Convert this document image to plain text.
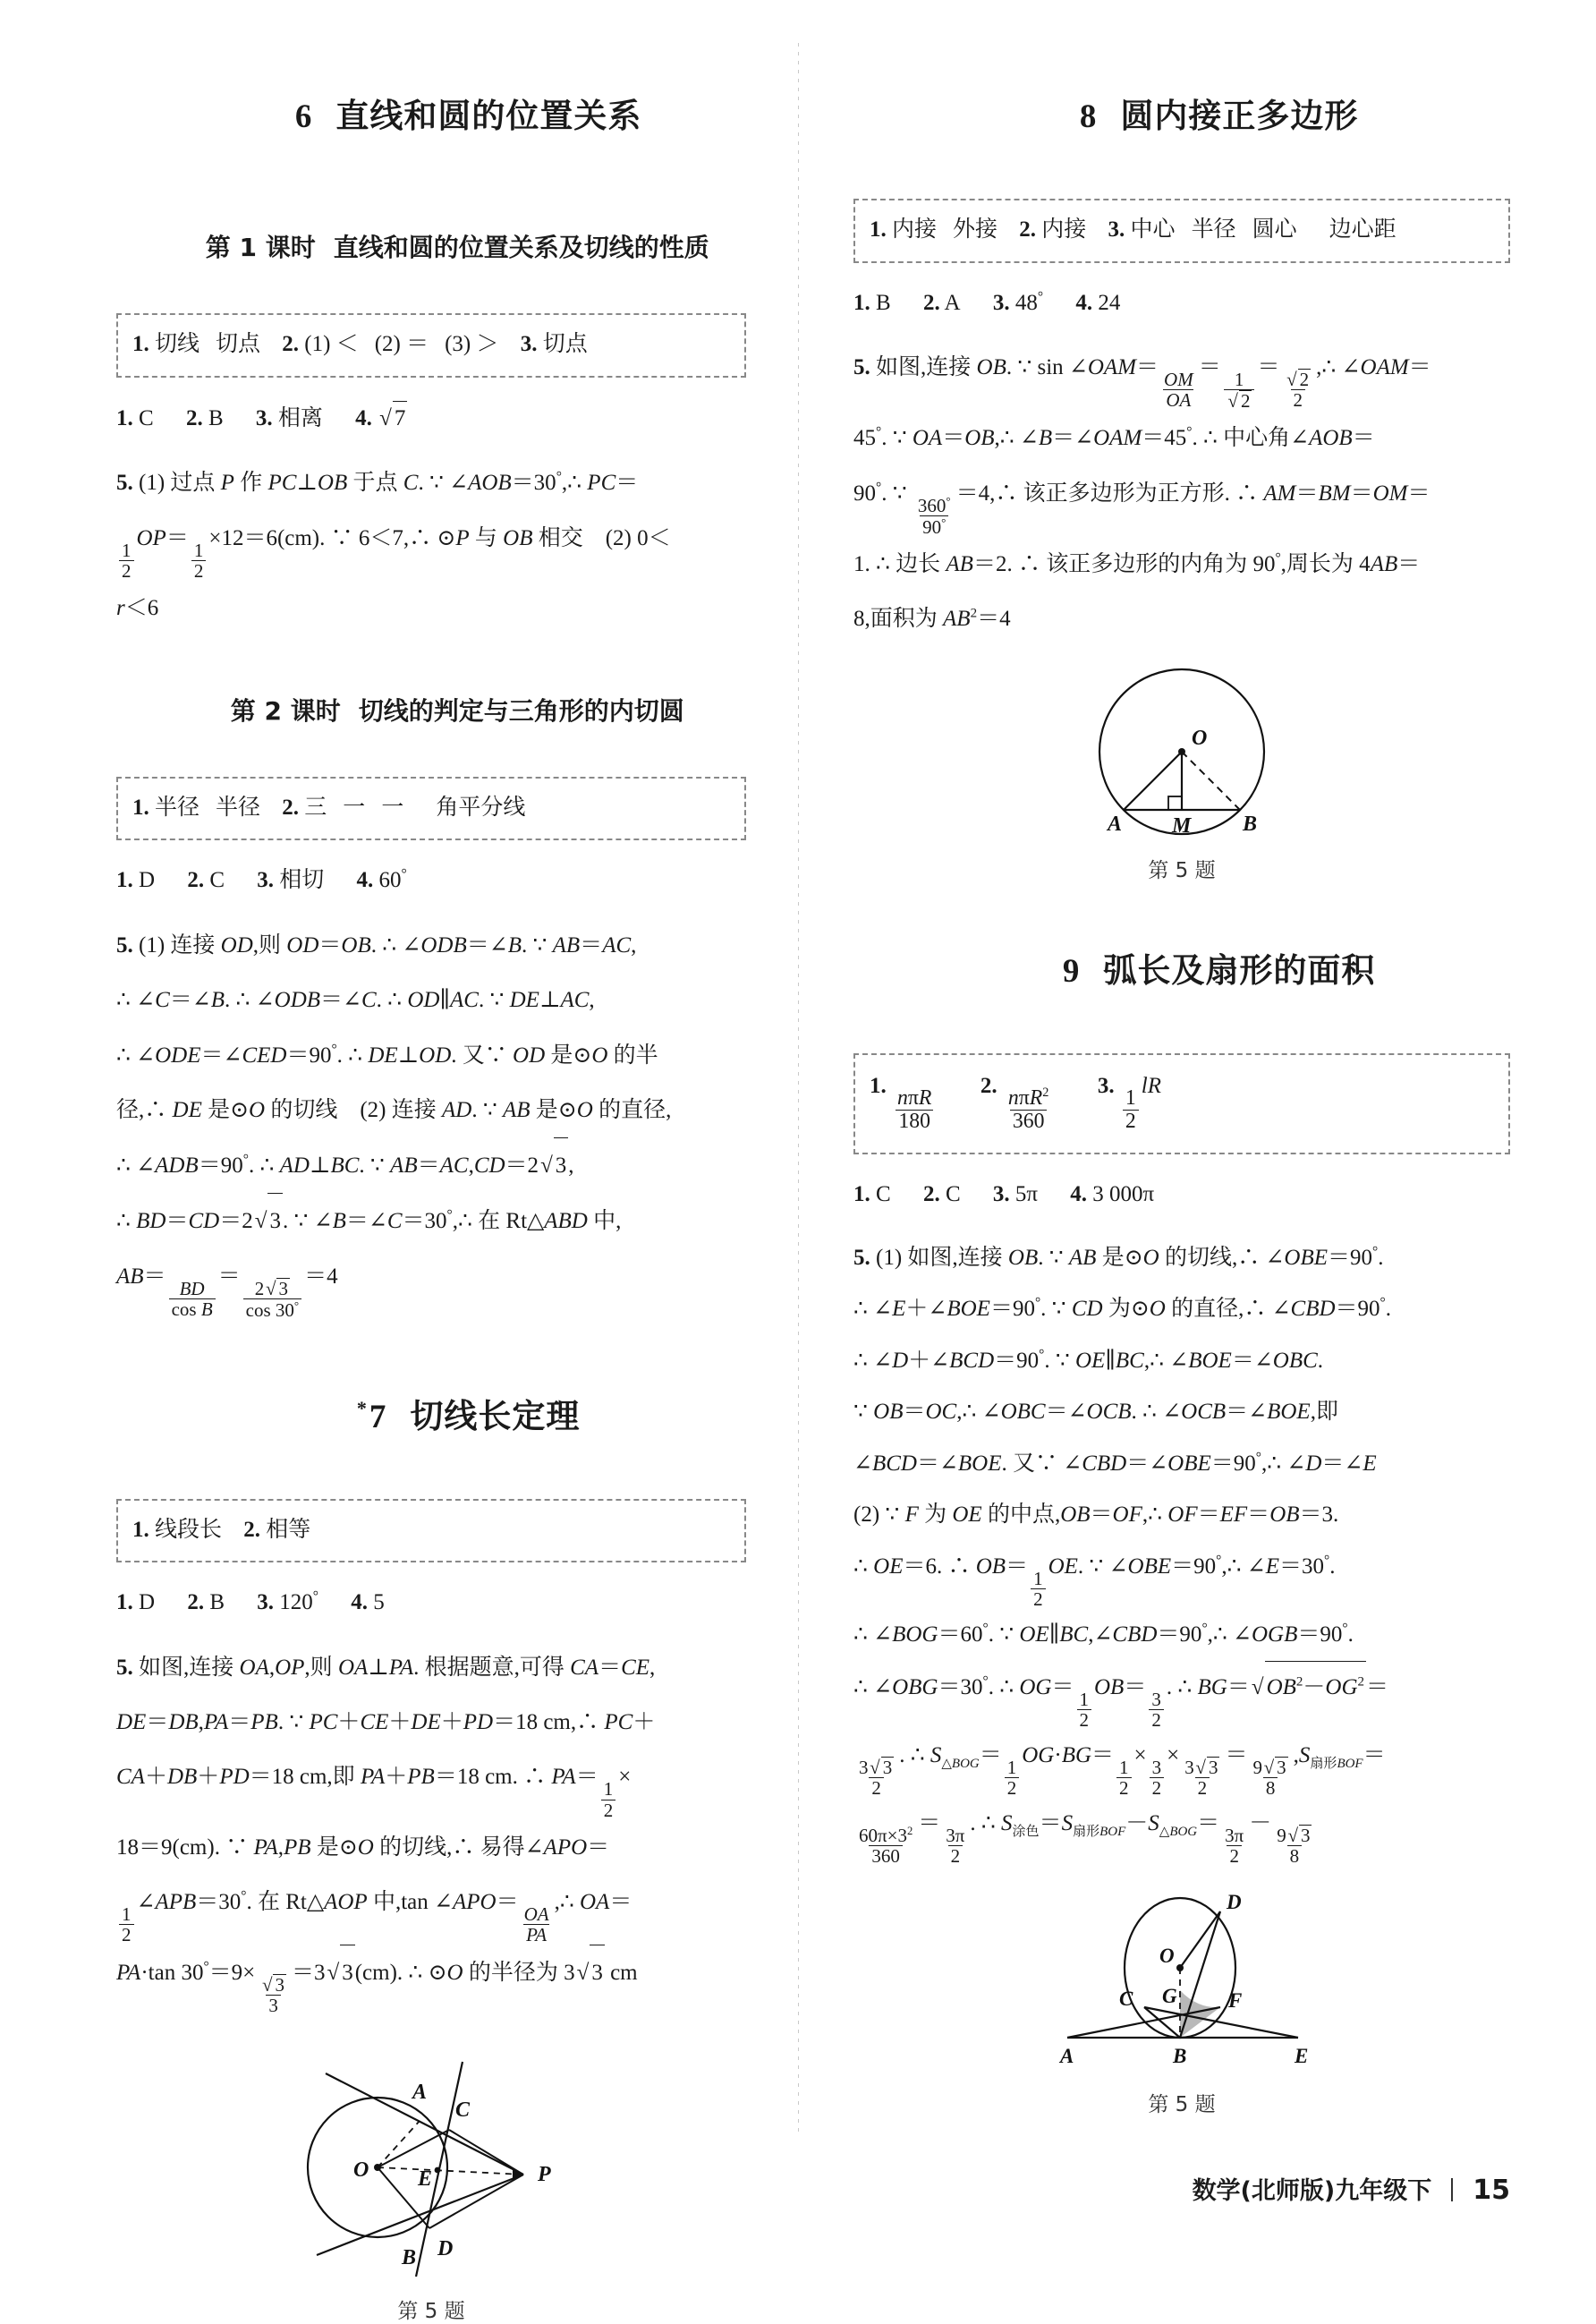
6 直线和圆的位置关系

第 1 课时 直线和圆的位置关系及切线的性质

1. 切线 切点 2. (1) ＜ (2) ＝ (3) ＞ 3. 切点
1. C 2. B 3. 相离 4. √ 7
5. (1) 过点 P 作 PC⊥OB 于点 C. ∵ ∠AOB＝30°,∴ PC＝

$\frac{1}{2}$
OP＝
$\frac{1}{2}$
×12＝6(cm). ∵ 6＜7,∴ ⊙P 与 OB 相交　(2) 0＜
r＜6

第 2 课时 切线的判定与三角形的内切圆

1. 半径 半径 2. 三 一 一 角平分线
1. D 2. C 3. 相切 4. 60°
5. (1) 连接 OD,则 OD＝OB. ∴ ∠ODB＝∠B. ∵ AB＝AC,
∴ ∠C＝∠B. ∴ ∠ODB＝∠C. ∴ OD∥AC. ∵ DE⊥AC,
∴ ∠ODE＝∠CED＝90°. ∴ DE⊥OD. 又∵ OD 是⊙O 的半
径,∴ DE 是⊙O 的切线　(2) 连接 AD. ∵ AB 是⊙O 的直径,
∴ ∠ADB＝90°. ∴ AD⊥BC. ∵ AB＝AC,CD＝2√ 3,
∴ BD＝CD＝2√ 3. ∵ ∠B＝∠C＝30°,∴ 在 Rt△ABD 中,
AB＝
$\frac{BD}{\text{cos B}}$
＝
$\frac{2√ 3}{\cos 30^\circ}$
＝4

*7 切线长定理

1. 线段长 2. 相等
1. D 2. B 3. 120° 4. 5
5. 如图,连接 OA,OP,则 OA⊥PA. 根据题意,可得 CA＝CE,
DE＝DB,PA＝PB. ∵ PC＋CE＋DE＋PD＝18 cm,∴ PC＋
CA＋DB＋PD＝18 cm,即 PA＋PB＝18 cm. ∴ PA＝
$\frac{1}{2}$
×
18＝9(cm). ∵ PA,PB 是⊙O 的切线,∴ 易得∠APO＝

$\frac{1}{2}$
∠APB＝30°. 在 Rt△AOP 中,tan ∠APO＝
$\frac{OA}{PA}$
,∴ OA＝
PA·tan 30°＝9×
$\frac{√ 3}{3}$
＝3√ 3(cm). ∴ ⊙O 的半径为 3√ 3 cm
O
A
C
E	P
B D
第 5 题

8 圆内接正多边形

1. 内接 外接 2. 内接 3. 中心 半径 圆心 边心距
1. B 2. A 3. 48° 4. 24
5. 如图,连接 OB. ∵ sin ∠OAM＝
$\frac{OM}{OA}$
＝
$\frac{1}{√ 2}$
＝
$\frac{√ 2}{2}$
,∴ ∠OAM＝
45°. ∵ OA＝OB,∴ ∠B＝∠OAM＝45°. ∴ 中心角∠AOB＝
90°. ∵
$\frac{360^\circ}{90^\circ}$
＝4,∴ 该正多边形为正方形. ∴ AM＝BM＝OM＝
1. ∴ 边长 AB＝2. ∴ 该正多边形的内角为 90°,周长为 4AB＝
8,面积为 $AB^2=4$
O
A M B
第 5 题

9 弧长及扇形的面积

1.
$\frac{\text{nπR}}{180}$
2.
$\frac{n\pi R^2}{360}$
3.
$\frac{1}{2}$
lR
1. C 2. C 3. 5π 4. 3 000π
5. (1) 如图,连接 OB. ∵ AB 是⊙O 的切线,∴ ∠OBE＝90°.
∴ ∠E＋∠BOE＝90°. ∵ CD 为⊙O 的直径,∴ ∠CBD＝90°.
∴ ∠D＋∠BCD＝90°. ∵ OE∥BC,∴ ∠BOE＝∠OBC.
∵ OB＝OC,∴ ∠OBC＝∠OCB. ∴ ∠OCB＝∠BOE,即
∠BCD＝∠BOE. 又∵ ∠CBD＝∠OBE＝90°,∴ ∠D＝∠E
(2) ∵ F 为 OE 的中点,OB＝OF,∴ OF＝EF＝OB＝3.
∴ OE＝6. ∴ OB＝
$\frac{1}{2}$
OE. ∵ ∠OBE＝90°,∴ ∠E＝30°.
∴ ∠BOG＝60°. ∵ OE∥BC,∠CBD＝90°,∴ ∠OGB＝90°.
∴ ∠OBG＝30°. ∴ OG＝
$\frac{1}{2}$
OB＝
$\frac{3}{2}$
. ∴ BG＝√ $OB^2-OG^2=$

$\frac{3√ 3}{2}$
. ∴ $S_{\triangle BOG}=$
$\frac{1}{2}$
OG·BG＝
$\frac{1}{2}$
×
$\frac{3}{2}$
×
$\frac{3√ 3}{2}$
＝
$\frac{9√ 3}{8}$
$,S_{扇形BOF}=$

$\frac{60\pi\times 3^2}{360}$
＝
$\frac{3\pi}{2}$
. ∴ $S_{涂色}=S_{扇形BOF}-S_{\triangle BOG}=$
$\frac{3\pi}{2}$
－
$\frac{9√ 3}{8}$
O
D
C G F
A	B	E
第 5 题
数学(北师版)九年级下 15
